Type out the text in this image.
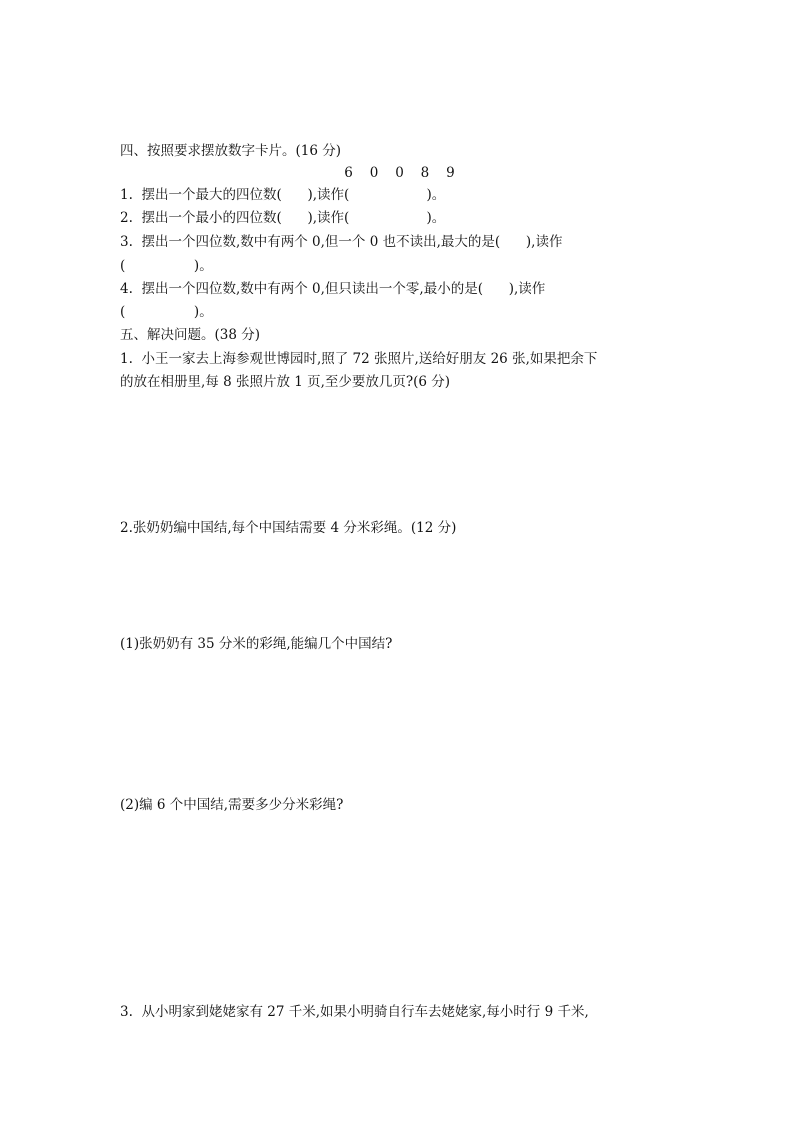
四、按照要求摆放数字卡片。(16 分)
6   0   0   8   9
1.  摆出一个最大的四位数(      ),读作(                  )。
2.  摆出一个最小的四位数(      ),读作(                  )。
3.  摆出一个四位数,数中有两个 0,但一个 0 也不读出,最大的是(      ),读作
(                )。
4.  摆出一个四位数,数中有两个 0,但只读出一个零,最小的是(      ),读作
(                )。
五、解决问题。(38 分)
1.  小王一家去上海参观世博园时,照了 72 张照片,送给好朋友 26 张,如果把余下
的放在相册里,每 8 张照片放 1 页,至少要放几页?(6 分)
2.张奶奶编中国结,每个中国结需要 4 分米彩绳。(12 分)
(1)张奶奶有 35 分米的彩绳,能编几个中国结?
(2)编 6 个中国结,需要多少分米彩绳?
3.  从小明家到姥姥家有 27 千米,如果小明骑自行车去姥姥家,每小时行 9 千米,
